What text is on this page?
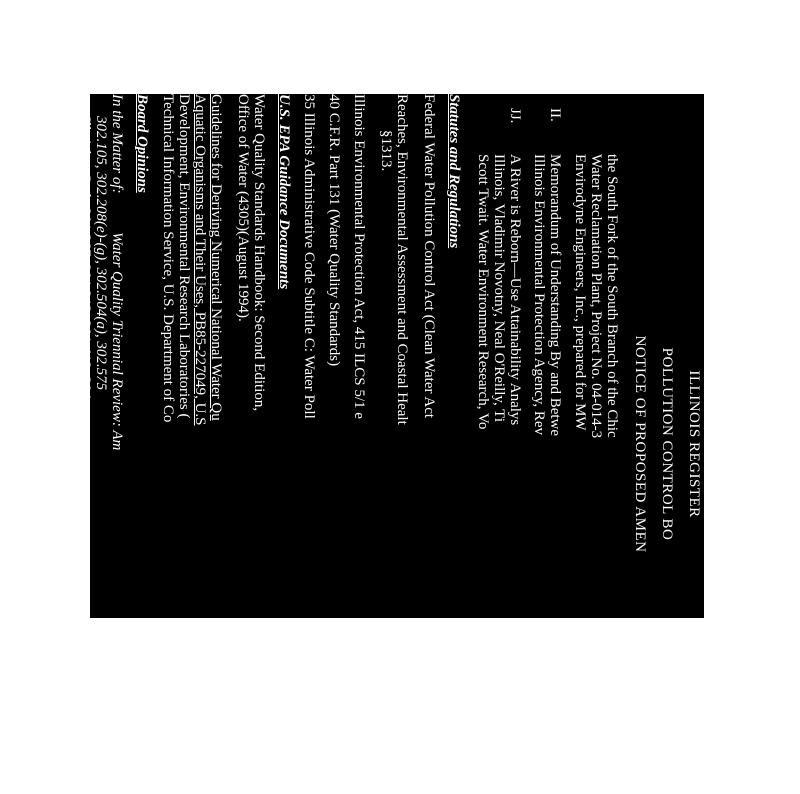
ILLINOIS REGISTER
POLLUTION CONTROL BO
NOTICE OF PROPOSED AMEN
the South Fork of the South Branch of the Chic
Water Reclamation Plant, Project No. 04-014-3
Envirodyne Engineers, Inc., prepared for MW
II.
Memorandum of Understanding By and Betwe
Illinois Environmental Protection Agency, Rev
JJ.
A River is Reborn—Use Attainability Analys
Illinois, Vladimir Novotny, Neal O'Reilly, Ti
Scott Twait. Water Environment Research, Vo
Statutes and Regulations
Federal Water Pollution Control Act (Clean Water Act
Reaches, Environmental Assessment and Coastal Healt
§1313.
Illinois Environmental Protection Act, 415 ILCS 5/1 e
40 C.F.R. Part 131 (Water Quality Standards)
35 Illinois Administrative Code Subtitle C: Water Poll
U.S. EPA Guidance Documents
Water Quality Standards Handbook: Second Edition,
Office of Water (4305)(August 1994).
Guidelines for Deriving Numerical National Water Qu
Aquatic Organisms and Their Uses, PB85-227049, U.S
Development, Environmental Research Laboratories (
Technical Information Service, U.S. Department of Co
Board Opinions
In the Matter of:
Water Quality Triennial Review: Am
302.105, 302.208(e)-(g), 302.504(a), 302.575
Ill. Adm. Code 301.267, 301.313, 301.413, 304
(December 19, 2002).
